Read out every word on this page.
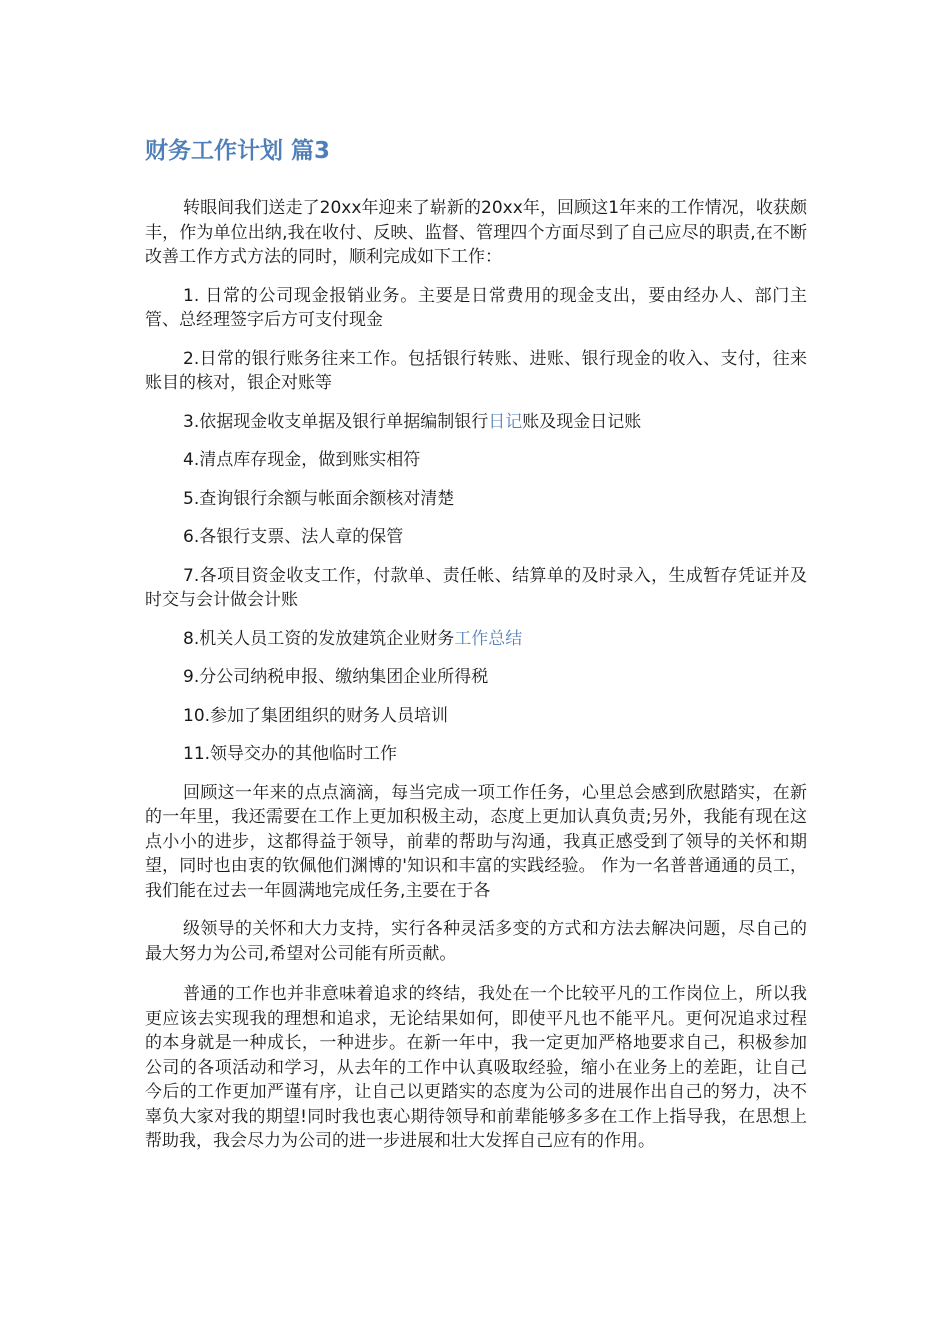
财务工作计划 篇3

转眼间我们送走了20xx年迎来了崭新的20xx年，回顾这1年来的工作情况，收获颇丰，作为单位出纳,我在收付、反映、监督、管理四个方面尽到了自己应尽的职责,在不断改善工作方式方法的同时，顺利完成如下工作：

1. 日常的公司现金报销业务。主要是日常费用的现金支出，要由经办人、部门主管、总经理签字后方可支付现金

2.日常的银行账务往来工作。包括银行转账、进账、银行现金的收入、支付，往来账目的核对，银企对账等

3.依据现金收支单据及银行单据编制银行日记账及现金日记账

4.清点库存现金，做到账实相符

5.查询银行余额与帐面余额核对清楚

6.各银行支票、法人章的保管

7.各项目资金收支工作，付款单、责任帐、结算单的及时录入，生成暂存凭证并及时交与会计做会计账

8.机关人员工资的发放建筑企业财务工作总结

9.分公司纳税申报、缴纳集团企业所得税

10.参加了集团组织的财务人员培训

11.领导交办的其他临时工作

回顾这一年来的点点滴滴，每当完成一项工作任务，心里总会感到欣慰踏实，在新的一年里，我还需要在工作上更加积极主动，态度上更加认真负责;另外，我能有现在这点小小的进步，这都得益于领导，前辈的帮助与沟通，我真正感受到了领导的关怀和期望，同时也由衷的钦佩他们渊博的'知识和丰富的实践经验。 作为一名普普通通的员工，我们能在过去一年圆满地完成任务,主要在于各

级领导的关怀和大力支持，实行各种灵活多变的方式和方法去解决问题，尽自己的最大努力为公司,希望对公司能有所贡献。

普通的工作也并非意味着追求的终结，我处在一个比较平凡的工作岗位上，所以我更应该去实现我的理想和追求，无论结果如何，即使平凡也不能平凡。更何况追求过程的本身就是一种成长，一种进步。在新一年中，我一定更加严格地要求自己，积极参加公司的各项活动和学习，从去年的工作中认真吸取经验，缩小在业务上的差距，让自己今后的工作更加严谨有序，让自己以更踏实的态度为公司的进展作出自己的努力，决不辜负大家对我的期望!同时我也衷心期待领导和前辈能够多多在工作上指导我，在思想上帮助我，我会尽力为公司的进一步进展和壮大发挥自己应有的作用。
